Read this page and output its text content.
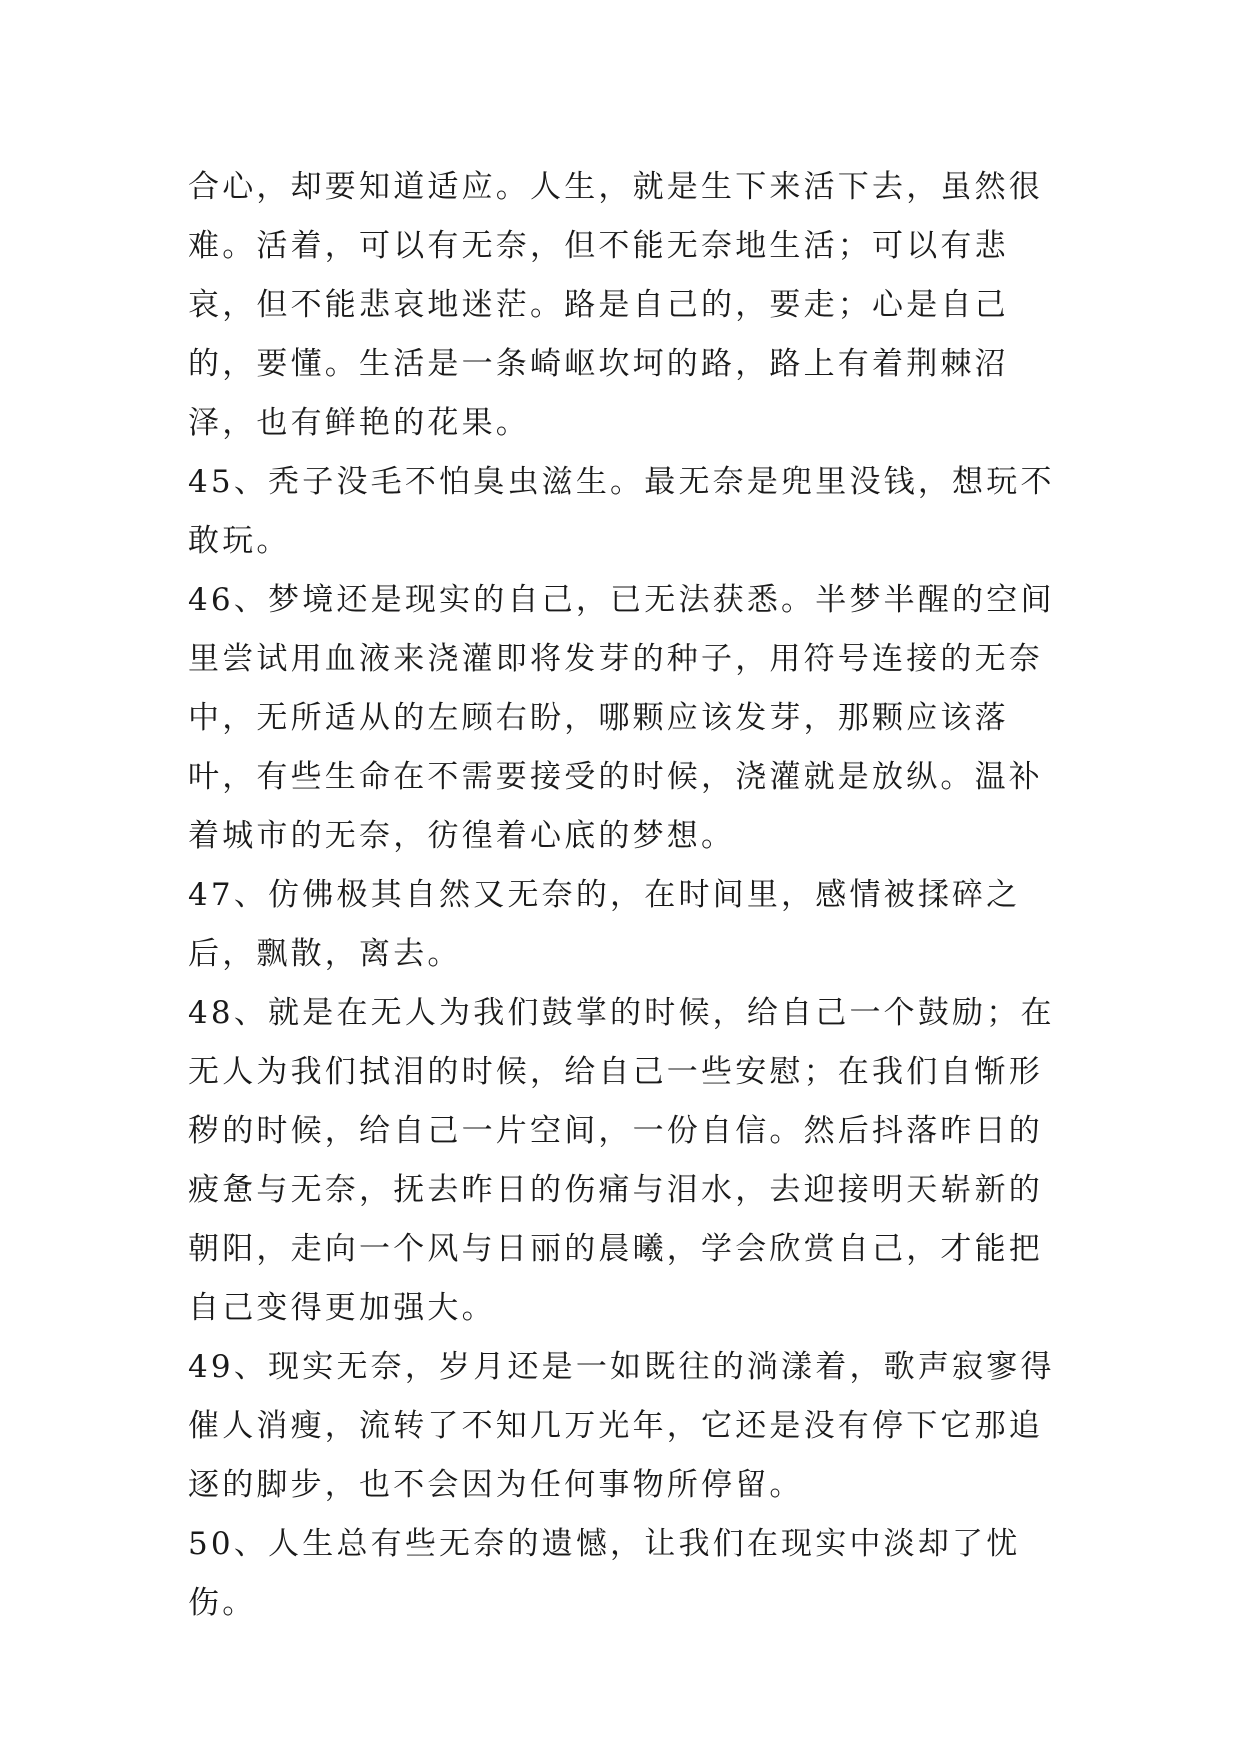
合心，却要知道适应。人生，就是生下来活下去，虽然很难。活着，可以有无奈，但不能无奈地生活；可以有悲哀，但不能悲哀地迷茫。路是自己的，要走；心是自己的，要懂。生活是一条崎岖坎坷的路，路上有着荆棘沼泽，也有鲜艳的花果。

45、秃子没毛不怕臭虫滋生。最无奈是兜里没钱，想玩不敢玩。

46、梦境还是现实的自己，已无法获悉。半梦半醒的空间里尝试用血液来浇灌即将发芽的种子，用符号连接的无奈中，无所适从的左顾右盼，哪颗应该发芽，那颗应该落叶，有些生命在不需要接受的时候，浇灌就是放纵。温补着城市的无奈，彷徨着心底的梦想。

47、仿佛极其自然又无奈的，在时间里，感情被揉碎之后，飘散，离去。

48、就是在无人为我们鼓掌的时候，给自己一个鼓励；在无人为我们拭泪的时候，给自己一些安慰；在我们自惭形秽的时候，给自己一片空间，一份自信。然后抖落昨日的疲惫与无奈，抚去昨日的伤痛与泪水，去迎接明天崭新的朝阳，走向一个风与日丽的晨曦，学会欣赏自己，才能把自己变得更加强大。

49、现实无奈，岁月还是一如既往的淌漾着，歌声寂寥得催人消瘦，流转了不知几万光年，它还是没有停下它那追逐的脚步，也不会因为任何事物所停留。

50、人生总有些无奈的遗憾，让我们在现实中淡却了忧伤。
